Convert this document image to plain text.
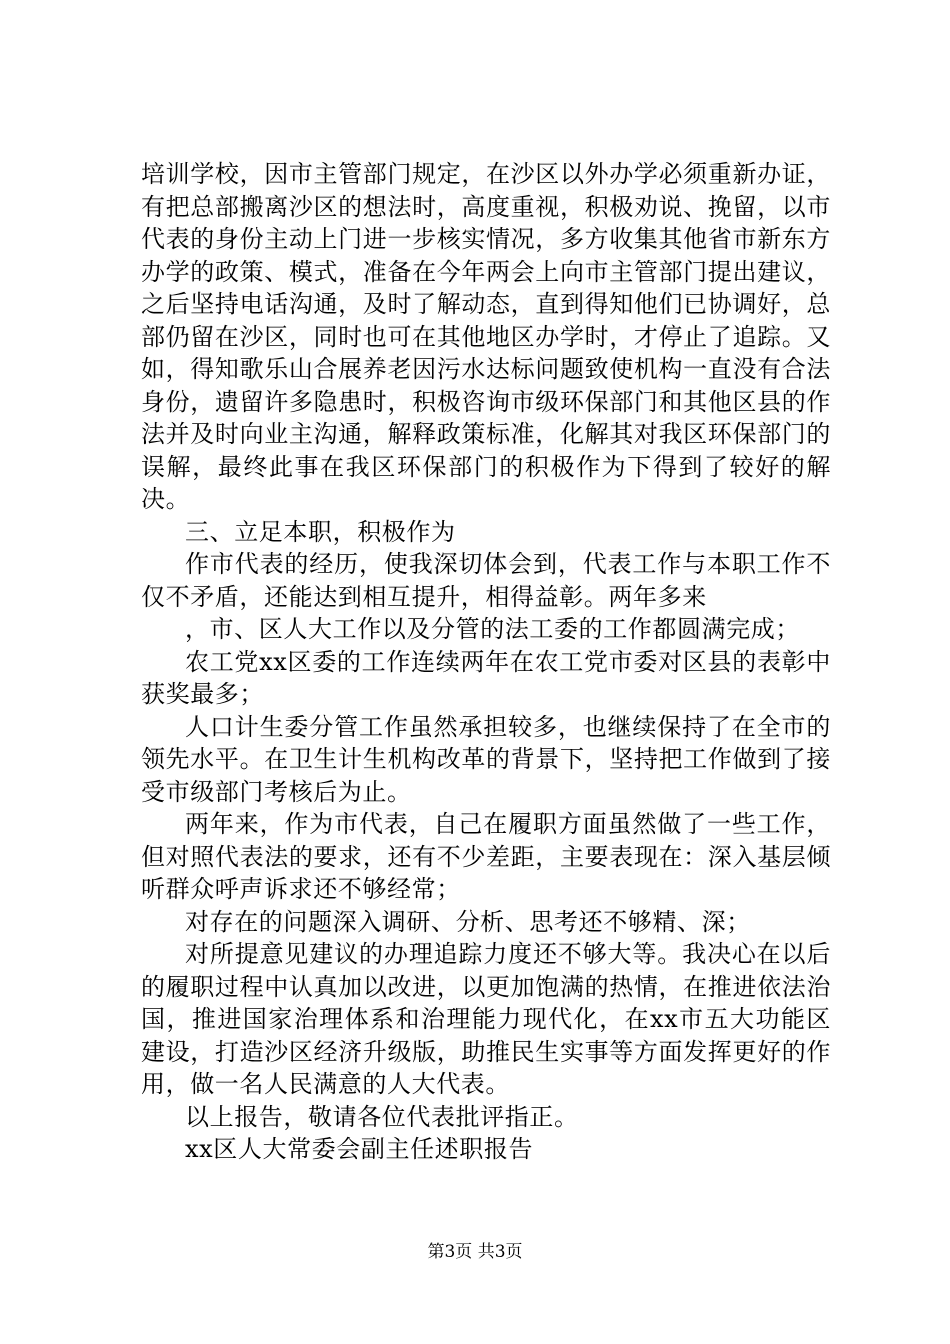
培训学校，因市主管部门规定，在沙区以外办学必须重新办证，有把总部搬离沙区的想法时，高度重视，积极劝说、挽留，以市代表的身份主动上门进一步核实情况，多方收集其他省市新东方办学的政策、模式，准备在今年两会上向市主管部门提出建议，之后坚持电话沟通，及时了解动态，直到得知他们已协调好，总部仍留在沙区，同时也可在其他地区办学时，才停止了追踪。又如，得知歌乐山合展养老因污水达标问题致使机构一直没有合法身份，遗留许多隐患时，积极咨询市级环保部门和其他区县的作法并及时向业主沟通，解释政策标准，化解其对我区环保部门的误解，最终此事在我区环保部门的积极作为下得到了较好的解决。

三、立足本职，积极作为

作市代表的经历，使我深切体会到，代表工作与本职工作不仅不矛盾，还能达到相互提升，相得益彰。两年多来

，市、区人大工作以及分管的法工委的工作都圆满完成；

农工党xx区委的工作连续两年在农工党市委对区县的表彰中获奖最多；

人口计生委分管工作虽然承担较多，也继续保持了在全市的领先水平。在卫生计生机构改革的背景下，坚持把工作做到了接受市级部门考核后为止。

两年来，作为市代表，自己在履职方面虽然做了一些工作，但对照代表法的要求，还有不少差距，主要表现在：深入基层倾听群众呼声诉求还不够经常；

对存在的问题深入调研、分析、思考还不够精、深；

对所提意见建议的办理追踪力度还不够大等。我决心在以后的履职过程中认真加以改进，以更加饱满的热情，在推进依法治国，推进国家治理体系和治理能力现代化，在xx市五大功能区建设，打造沙区经济升级版，助推民生实事等方面发挥更好的作用，做一名人民满意的人大代表。

以上报告，敬请各位代表批评指正。

xx区人大常委会副主任述职报告

第3页 共3页
